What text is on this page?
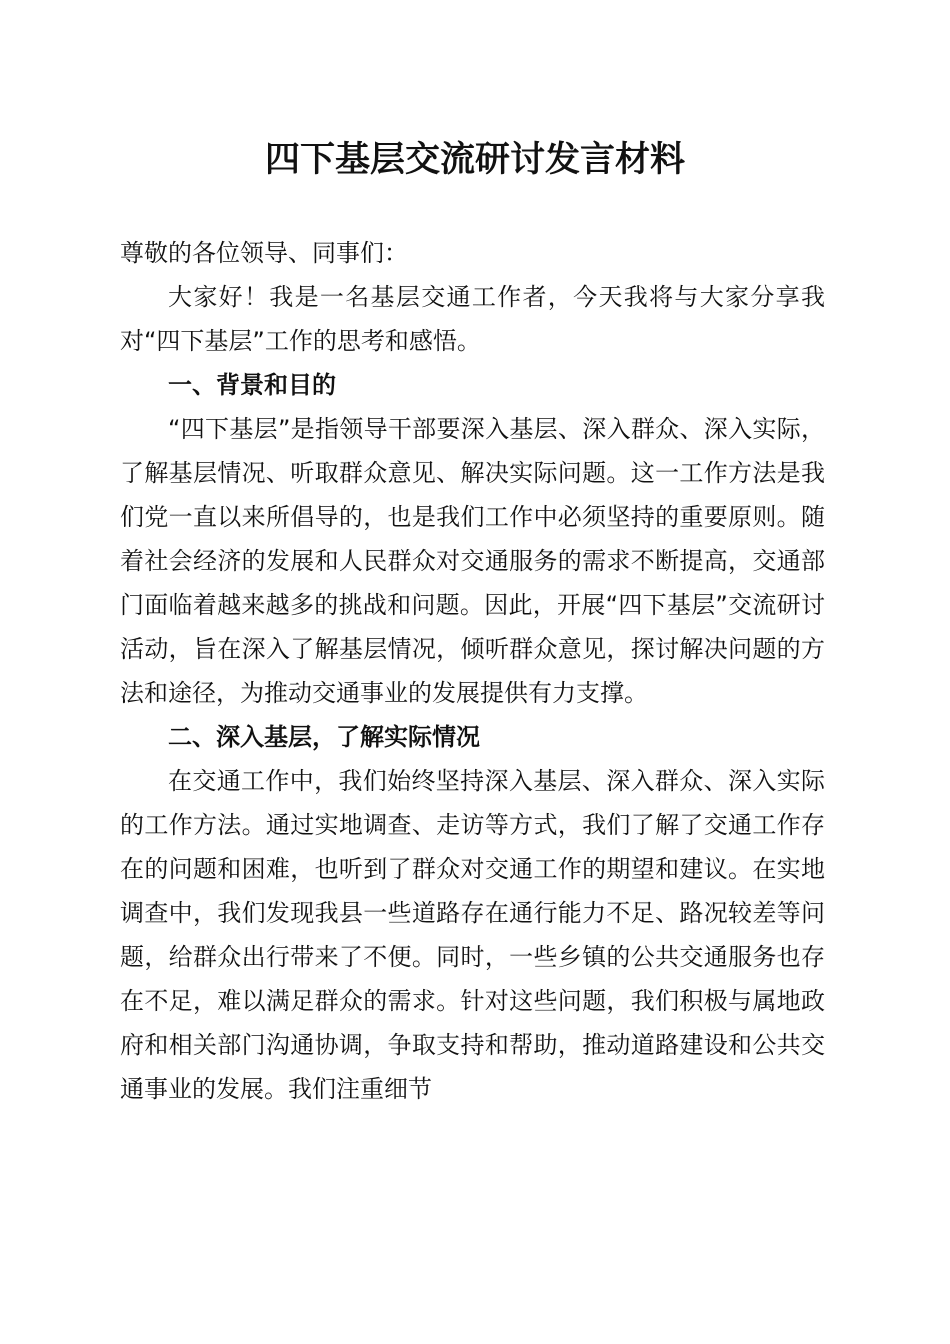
四下基层交流研讨发言材料

尊敬的各位领导、同事们：

大家好！我是一名基层交通工作者，今天我将与大家分享我对“四下基层”工作的思考和感悟。

一、背景和目的

“四下基层”是指领导干部要深入基层、深入群众、深入实际，了解基层情况、听取群众意见、解决实际问题。这一工作方法是我们党一直以来所倡导的，也是我们工作中必须坚持的重要原则。随着社会经济的发展和人民群众对交通服务的需求不断提高，交通部门面临着越来越多的挑战和问题。因此，开展“四下基层”交流研讨活动，旨在深入了解基层情况，倾听群众意见，探讨解决问题的方法和途径，为推动交通事业的发展提供有力支撑。

二、深入基层，了解实际情况

在交通工作中，我们始终坚持深入基层、深入群众、深入实际的工作方法。通过实地调查、走访等方式，我们了解了交通工作存在的问题和困难，也听到了群众对交通工作的期望和建议。在实地调查中，我们发现我县一些道路存在通行能力不足、路况较差等问题，给群众出行带来了不便。同时，一些乡镇的公共交通服务也存在不足，难以满足群众的需求。针对这些问题，我们积极与属地政府和相关部门沟通协调，争取支持和帮助，推动道路建设和公共交通事业的发展。我们注重细节
